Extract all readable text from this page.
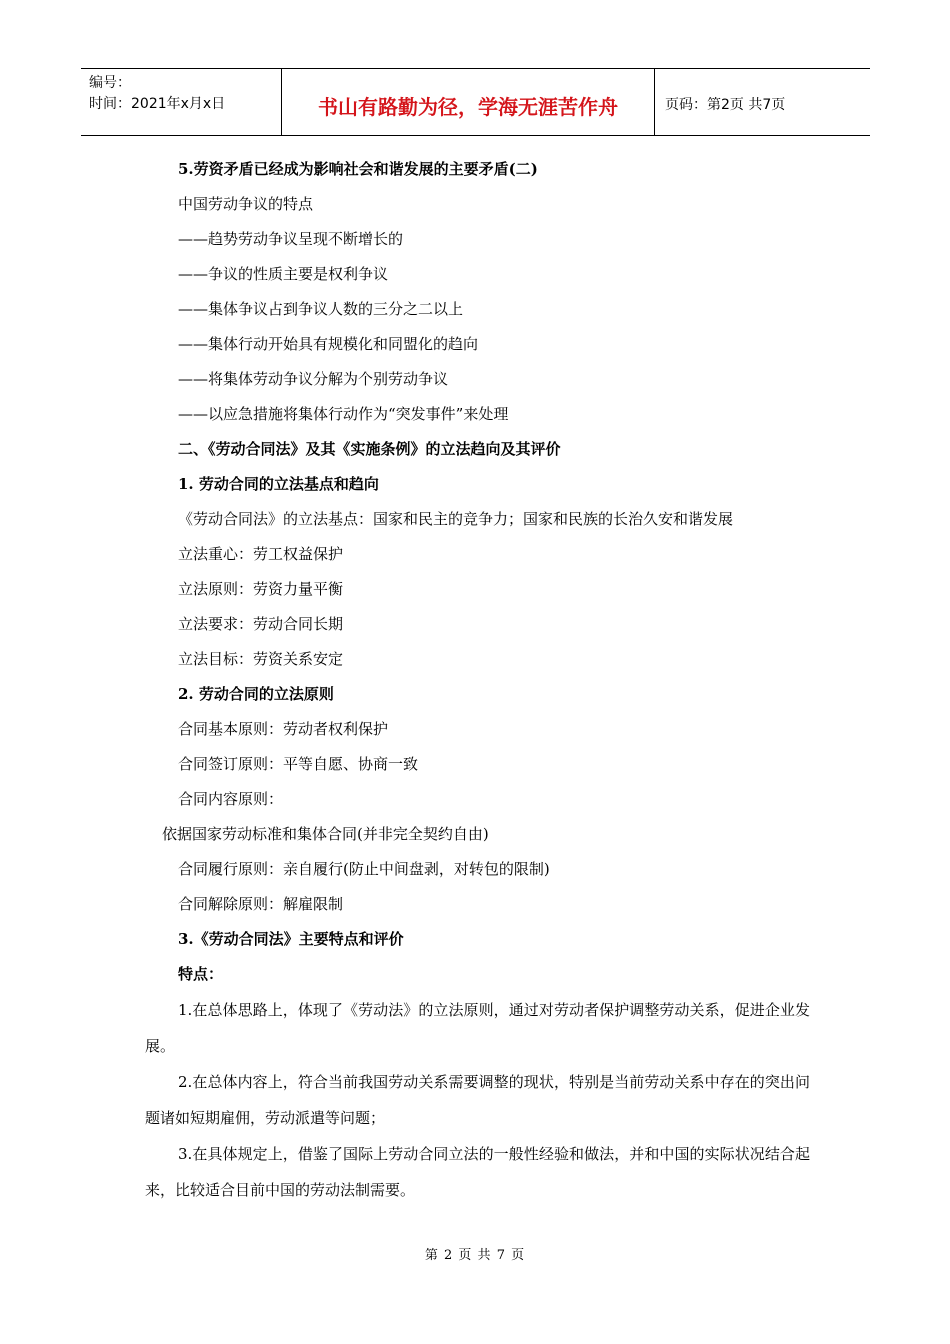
编号：
时间：2021年x月x日	书山有路勤为径，学海无涯苦作舟	页码：第2页 共7页
5.劳资矛盾已经成为影响社会和谐发展的主要矛盾(二)
中国劳动争议的特点
——趋势劳动争议呈现不断增长的
——争议的性质主要是权利争议
——集体争议占到争议人数的三分之二以上
——集体行动开始具有规模化和同盟化的趋向
——将集体劳动争议分解为个别劳动争议
——以应急措施将集体行动作为“突发事件”来处理
二、《劳动合同法》及其《实施条例》的立法趋向及其评价
1. 劳动合同的立法基点和趋向
《劳动合同法》的立法基点：国家和民主的竞争力；国家和民族的长治久安和谐发展
立法重心：劳工权益保护
立法原则：劳资力量平衡
立法要求：劳动合同长期
立法目标：劳资关系安定
2. 劳动合同的立法原则
合同基本原则：劳动者权利保护
合同签订原则：平等自愿、协商一致
合同内容原则：
依据国家劳动标准和集体合同(并非完全契约自由)
合同履行原则：亲自履行(防止中间盘剥，对转包的限制)
合同解除原则：解雇限制
3.《劳动合同法》主要特点和评价
特点：

1.在总体思路上，体现了《劳动法》的立法原则，通过对劳动者保护调整劳动关系，促进企业发展。

2.在总体内容上，符合当前我国劳动关系需要调整的现状，特别是当前劳动关系中存在的突出问题诸如短期雇佣，劳动派遣等问题；

3.在具体规定上，借鉴了国际上劳动合同立法的一般性经验和做法，并和中国的实际状况结合起来，比较适合目前中国的劳动法制需要。

第 2 页 共 7 页
